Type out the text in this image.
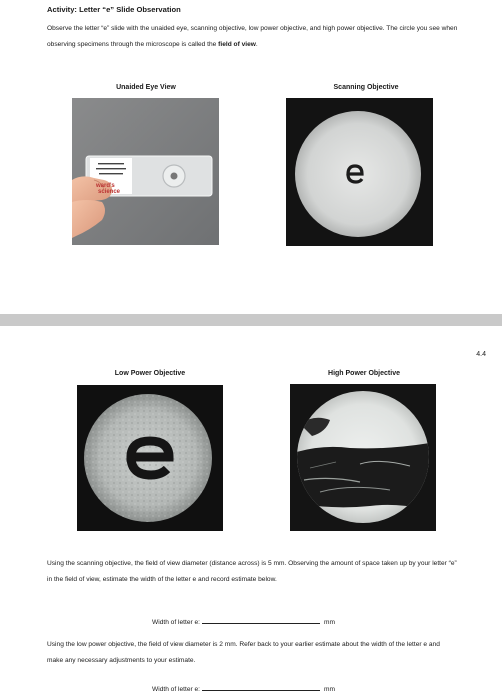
Activity: Letter “e” Slide Observation
Observe the letter “e” slide with the unaided eye, scanning objective, low power objective, and high power objective. The circle you see when observing specimens through the microscope is called the field of view.
Unaided Eye View	Scanning Objective
ward's
science
4.4
Low Power Objective	High Power Objective
Using the scanning objective, the field of view diameter (distance across) is 5 mm. Observing the amount of space taken up by your letter “e” in the field of view, estimate the width of the letter e and record estimate below.
Width of letter e:	mm
Using the low power objective, the field of view diameter is 2 mm. Refer back to your earlier estimate about the width of the letter e and make any necessary adjustments to your estimate.
Width of letter e:	mm
